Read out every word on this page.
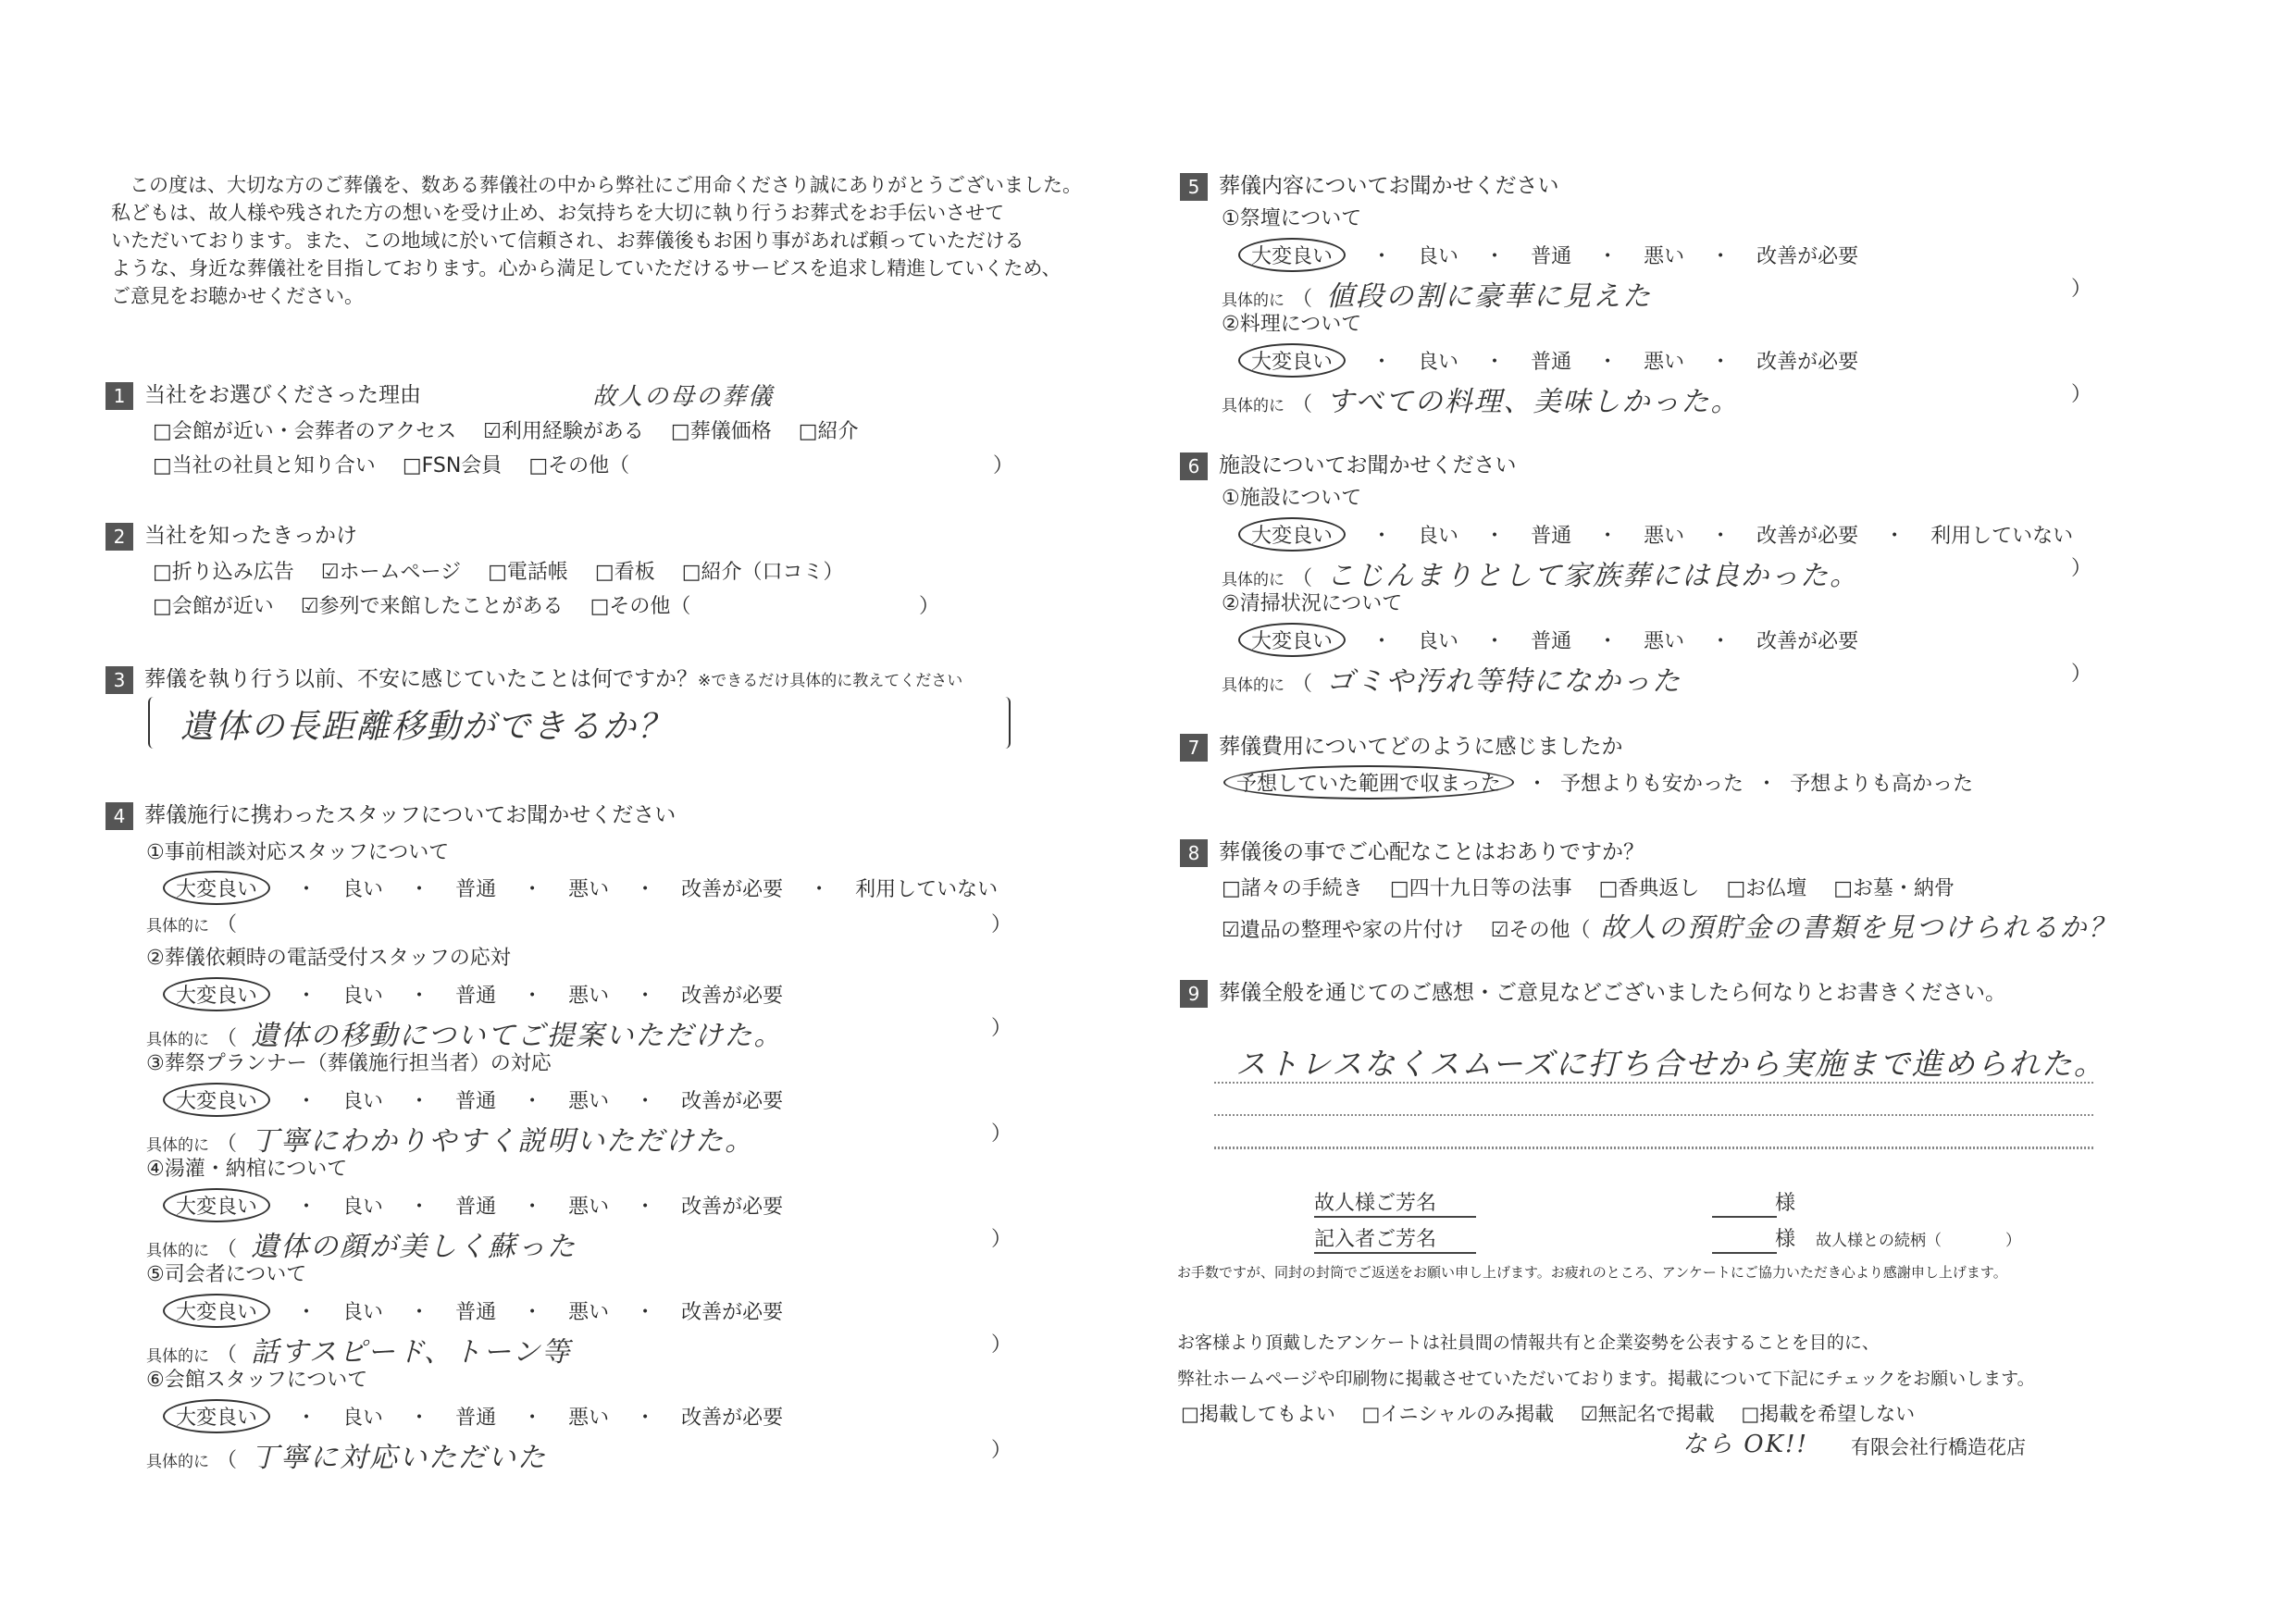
この度は、大切な方のご葬儀を、数ある葬儀社の中から弊社にご用命くださり誠にありがとうございました。
私どもは、故人様や残された方の想いを受け止め、お気持ちを大切に執り行うお葬式をお手伝いさせて
いただいております。また、この地域に於いて信頼され、お葬儀後もお困り事があれば頼っていただける
ような、身近な葬儀社を目指しております。心から満足していただけるサービスを追求し精進していくため、
ご意見をお聴かせください。
1 当社をお選びくださった理由	故人の母の葬儀
□ 会館が近い・会葬者のアクセス ☑ 利用経験がある □ 葬儀価格 □ 紹介
□ 当社の社員と知り合い □ FSN会員 □ その他（	）
2 当社を知ったきっかけ
□ 折り込み広告 ☑ ホームページ □ 電話帳 □ 看板 □ 紹介（口コミ）
□ 会館が近い ☑ 参列で来館したことがある □ その他（	）
3 葬儀を執り行う以前、不安に感じていたことは何ですか？※できるだけ具体的に教えてください
遺体の長距離移動ができるか？
4 葬儀施行に携わったスタッフについてお聞かせください
①事前相談対応スタッフについて
大変良い ・ 良い ・ 普通 ・ 悪い ・ 改善が必要 ・ 利用していない
具体的に （	）
②葬儀依頼時の電話受付スタッフの応対
大変良い ・ 良い ・ 普通 ・ 悪い ・ 改善が必要
具体的に （ 遺体の移動についてご提案いただけた。	）
③葬祭プランナー（葬儀施行担当者）の対応
大変良い ・ 良い ・ 普通 ・ 悪い ・ 改善が必要
具体的に （ 丁寧にわかりやすく説明いただけた。	）
④湯灌・納棺について
大変良い ・ 良い ・ 普通 ・ 悪い ・ 改善が必要
具体的に （ 遺体の顔が美しく蘇った	）
⑤司会者について
大変良い ・ 良い ・ 普通 ・ 悪い ・ 改善が必要
具体的に （ 話すスピード、トーン等	）
⑥会館スタッフについて
大変良い ・ 良い ・ 普通 ・ 悪い ・ 改善が必要
具体的に （ 丁寧に対応いただいた	）
5 葬儀内容についてお聞かせください
①祭壇について
大変良い ・ 良い ・ 普通 ・ 悪い ・ 改善が必要
具体的に （ 値段の割に豪華に見えた	）
②料理について
大変良い ・ 良い ・ 普通 ・ 悪い ・ 改善が必要
具体的に （ すべての料理、美味しかった。	）
6 施設についてお聞かせください
①施設について
大変良い ・ 良い ・ 普通 ・ 悪い ・ 改善が必要 ・ 利用していない
具体的に （ こじんまりとして家族葬には良かった。	）
②清掃状況について
大変良い ・ 良い ・ 普通 ・ 悪い ・ 改善が必要
具体的に （ ゴミや汚れ等特になかった	）
7 葬儀費用についてどのように感じましたか
予想していた範囲で収まった ・ 予想よりも安かった ・ 予想よりも高かった
8 葬儀後の事でご心配なことはおありですか？
□ 諸々の手続き □ 四十九日等の法事 □ 香典返し □ お仏壇 □ お墓・納骨
☑ 遺品の整理や家の片付け ☑ その他（ 故人の預貯金の書類を見つけられるか？
9 葬儀全般を通じてのご感想・ご意見などございましたら何なりとお書きください。
ストレスなくスムーズに打ち合せから実施まで進められた。
故人様ご芳名	様
記入者ご芳名	様 故人様との続柄（	）
お手数ですが、同封の封筒でご返送をお願い申し上げます。お疲れのところ、アンケートにご協力いただき心より感謝申し上げます。
お客様より頂戴したアンケートは社員間の情報共有と企業姿勢を公表することを目的に、
弊社ホームページや印刷物に掲載させていただいております。掲載について下記にチェックをお願いします。
□ 掲載してもよい □ イニシャルのみ掲載 ☑ 無記名で掲載 □ 掲載を希望しない
なら OK!! 有限会社行橋造花店
